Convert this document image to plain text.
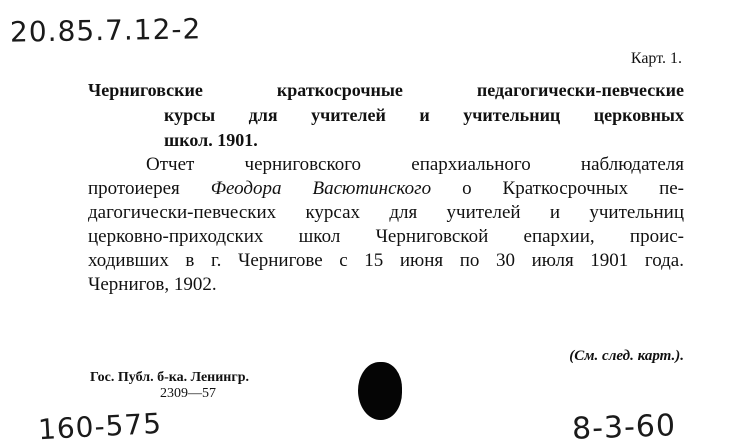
20.85.7.12-2
Карт. 1.
Черниговские краткосрочные педагогически-певческие
курсы для учителей и учительниц церковных
школ. 1901.
Отчет черниговского епархиального наблюдателя
протоиерея Феодора Васютинского о Краткосрочных пе-
дагогически-певческих курсах для учителей и учительниц
церковно-приходских школ Черниговской епархии, проис-
ходивших в г. Чернигове с 15 июня по 30 июля 1901 года.
Чернигов, 1902.
(См. след. карт.).
Гос. Публ. б-ка. Ленингр.
2309—57
160-575	8-3-60
